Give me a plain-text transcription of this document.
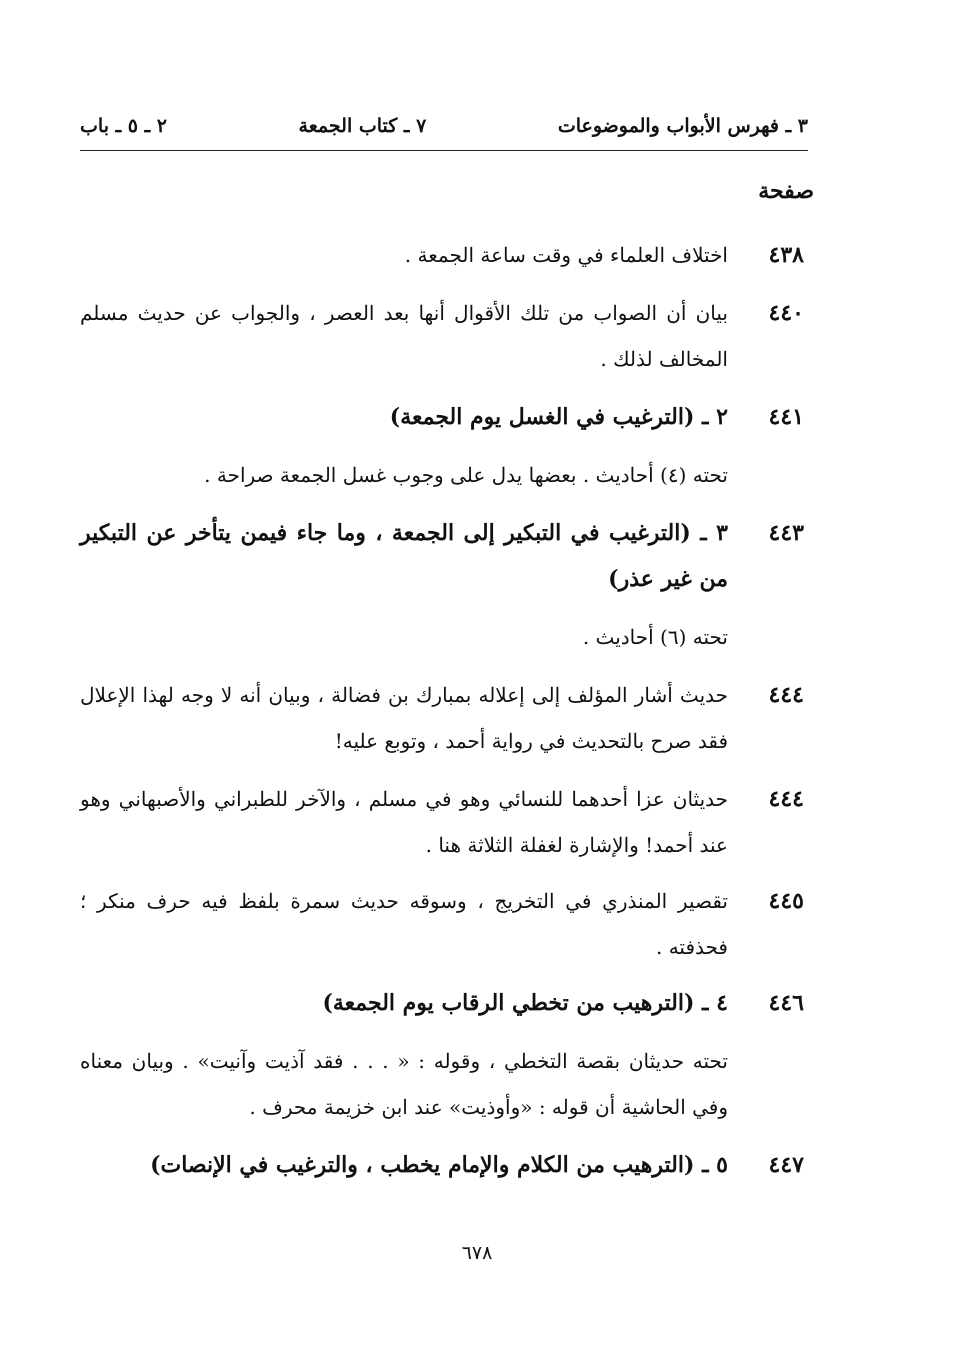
٣ ـ فهرس الأبواب والموضوعات
٧ ـ كتاب الجمعة
٢ ـ ٥ ـ باب
صفحة
٤٣٨
اختلاف العلماء في وقت ساعة الجمعة .
٤٤٠
بيان أن الصواب من تلك الأقوال أنها بعد العصر ، والجواب عن حديث مسلم المخالف لذلك .
٤٤١
٢ ـ (الترغيب في الغسل يوم الجمعة)
تحته (٤) أحاديث . بعضها يدل على وجوب غسل الجمعة صراحة .
٤٤٣
٣ ـ (الترغيب في التبكير إلى الجمعة ، وما جاء فيمن يتأخر عن التبكير من غير عذر)
تحته (٦) أحاديث .
٤٤٤
حديث أشار المؤلف إلى إعلاله بمبارك بن فضالة ، وبيان أنه لا وجه لهذا الإعلال فقد صرح بالتحديث في رواية أحمد ، وتوبع عليه!
٤٤٤
حديثان عزا أحدهما للنسائي وهو في مسلم ، والآخر للطبراني والأصبهاني وهو عند أحمد! والإشارة لغفلة الثلاثة هنا .
٤٤٥
تقصير المنذري في التخريج ، وسوقه حديث سمرة بلفظ فيه حرف منكر ؛ فحذفته .
٤٤٦
٤ ـ (الترهيب من تخطي الرقاب يوم الجمعة)
تحته حديثان بقصة التخطي ، وقوله : « . . . فقد آذيت وآنيت» . وبيان معناه وفي الحاشية أن قوله : «وأوذيت» عند ابن خزيمة محرف .
٤٤٧
٥ ـ (الترهيب من الكلام والإمام يخطب ، والترغيب في الإنصات)
٦٧٨
